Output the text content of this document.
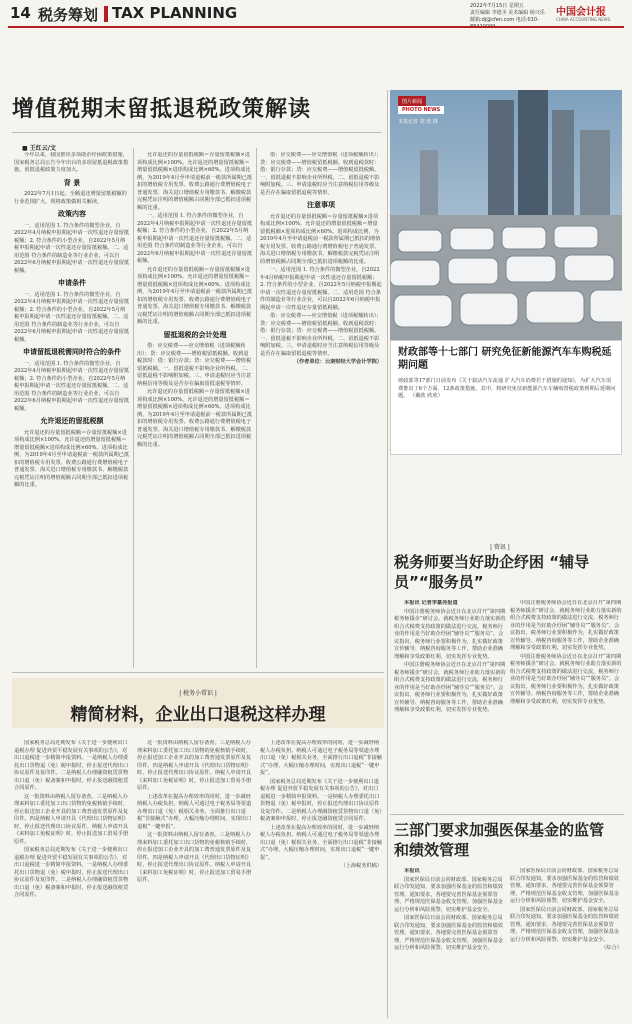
14 税务筹划 TAX PLANNING	2022年7月15日 星期五
责任编辑 李德圣 美术编辑 杨兴乐
邮箱:dj@cfen.com 电话:010-
中国会计报
CHINA ACCOUNTING NEWS
增值税期末留抵退税政策解读
■ 王红云/文

今年以来，我国推出多项助企纾困政策措施，国家税务总局公告今年出台的多项留抵退税政策措施，留抵退税政策力度加大。

背 景

2022年7月1日起，全额退还增量留抵税额的行业范围扩大，现将政策做相关解读。

政策内容

一、适用范围 1. 符合条件的微型企业，自2022年4月纳税申报期起申请一次性退还存量留抵税额；2. 符合条件的小型企业，自2022年5月纳税申报期起申请一次性退还存量留抵税额。二、适用范围 符合条件的制造业等行业企业，可以自2022年6月纳税申报期起申请一次性退还存量留抵税额。

申请条件

一、适用范围 1. 符合条件的微型企业，自2022年4月纳税申报期起申请一次性退还存量留抵税额；2. 符合条件的小型企业，自2022年5月纳税申报期起申请一次性退还存量留抵税额。二、适用范围 符合条件的制造业等行业企业，可以自2022年6月纳税申报期起申请一次性退还存量留抵税额。

申请留抵退税需同时符合的条件

一、适用范围 1. 符合条件的微型企业，自2022年4月纳税申报期起申请一次性退还存量留抵税额；2. 符合条件的小型企业，自2022年5月纳税申报期起申请一次性退还存量留抵税额。二、适用范围 符合条件的制造业等行业企业，可以自2022年6月纳税申报期起申请一次性退还存量留抵税额。

允许退还的留抵税额

允许退还的存量留抵税额＝存量留抵税额×进项构成比例×100%。允许退还的增量留抵税额＝增量留抵税额×进项构成比例×60%。进项构成比例，为2019年4月至申请退税前一税款所属期已抵扣的增值税专用发票、收费公路通行费增值税电子普通发票、海关进口增值税专用缴款书、解缴税款完税凭证注明的增值税额占同期全部已抵扣进项税额的比重。

允许退还的存量留抵税额＝存量留抵税额×进项构成比例×100%。允许退还的增量留抵税额＝增量留抵税额×进项构成比例×60%。进项构成比例，为2019年4月至申请退税前一税款所属期已抵扣的增值税专用发票、收费公路通行费增值税电子普通发票、海关进口增值税专用缴款书、解缴税款完税凭证注明的增值税额占同期全部已抵扣进项税额的比重。

一、适用范围 1. 符合条件的微型企业，自2022年4月纳税申报期起申请一次性退还存量留抵税额；2. 符合条件的小型企业，自2022年5月纳税申报期起申请一次性退还存量留抵税额。二、适用范围 符合条件的制造业等行业企业，可以自2022年6月纳税申报期起申请一次性退还存量留抵税额。

允许退还的存量留抵税额＝存量留抵税额×进项构成比例×100%。允许退还的增量留抵税额＝增量留抵税额×进项构成比例×60%。进项构成比例，为2019年4月至申请退税前一税款所属期已抵扣的增值税专用发票、收费公路通行费增值税电子普通发票、海关进口增值税专用缴款书、解缴税款完税凭证注明的增值税额占同期全部已抵扣进项税额的比重。

留抵退税的会计处理

借：应交税费——应交增值税（进项税额转出）；贷：应交税费——增值税留抵税额。收到退税款时：借：银行存款；贷：应交税费——增值税留抵税额。一、留抵退税不影响企业所得税。二、留抵退税不影响附加税。三、申请退税时应当注意纳税信用等级及是否存在骗取留抵退税等情形。

允许退还的存量留抵税额＝存量留抵税额×进项构成比例×100%。允许退还的增量留抵税额＝增量留抵税额×进项构成比例×60%。进项构成比例，为2019年4月至申请退税前一税款所属期已抵扣的增值税专用发票、收费公路通行费增值税电子普通发票、海关进口增值税专用缴款书、解缴税款完税凭证注明的增值税额占同期全部已抵扣进项税额的比重。

借：应交税费——应交增值税（进项税额转出）；贷：应交税费——增值税留抵税额。收到退税款时：借：银行存款；贷：应交税费——增值税留抵税额。一、留抵退税不影响企业所得税。二、留抵退税不影响附加税。三、申请退税时应当注意纳税信用等级及是否存在骗取留抵退税等情形。

注意事项

允许退还的存量留抵税额＝存量留抵税额×进项构成比例×100%。允许退还的增量留抵税额＝增量留抵税额×进项构成比例×60%。进项构成比例，为2019年4月至申请退税前一税款所属期已抵扣的增值税专用发票、收费公路通行费增值税电子普通发票、海关进口增值税专用缴款书、解缴税款完税凭证注明的增值税额占同期全部已抵扣进项税额的比重。

一、适用范围 1. 符合条件的微型企业，自2022年4月纳税申报期起申请一次性退还存量留抵税额；2. 符合条件的小型企业，自2022年5月纳税申报期起申请一次性退还存量留抵税额。二、适用范围 符合条件的制造业等行业企业，可以自2022年6月纳税申报期起申请一次性退还存量留抵税额。

借：应交税费——应交增值税（进项税额转出）；贷：应交税费——增值税留抵税额。收到退税款时：借：银行存款；贷：应交税费——增值税留抵税额。一、留抵退税不影响企业所得税。二、留抵退税不影响附加税。三、申请退税时应当注意纳税信用等级及是否存在骗取留抵退税等情形。

（作者单位：云南财经大学会计学院）

图片新闻
PHOTO NEWS
本报记者 刘 澄 摄
财政部等十七部门 研究免征新能源汽车车购税延期问题
财政部等17部门日前发布《关于搞活汽车流通 扩大汽车消费若干措施的通知》，为扩大汽车消费推出了6个方面、12条政策措施。其中，将研究免征新能源汽车车辆购置税政策到期后延期问题。 （戴欣 欣欣）
| 资讯 |
税务师要当好助企纾困 “辅导员”“服务员”

本报讯 记者李嘉亮报道

中国注册税务师协会近日在北京召开“第四期税务师援企”研讨会，就税务师行业助力落实新的组合式税费支持政策的做法进行交流，税务师行业的作用是当好助企纾困“辅导员”“服务员”。会议指出，税务师行业要积极作为，扎实做好政策宣传辅导、纳税咨询服务等工作，帮助企业准确理解和享受政策红利，切实发挥专业优势。

中国注册税务师协会近日在北京召开“第四期税务师援企”研讨会，就税务师行业助力落实新的组合式税费支持政策的做法进行交流，税务师行业的作用是当好助企纾困“辅导员”“服务员”。会议指出，税务师行业要积极作为，扎实做好政策宣传辅导、纳税咨询服务等工作，帮助企业准确理解和享受政策红利，切实发挥专业优势。

中国注册税务师协会近日在北京召开“第四期税务师援企”研讨会，就税务师行业助力落实新的组合式税费支持政策的做法进行交流，税务师行业的作用是当好助企纾困“辅导员”“服务员”。会议指出，税务师行业要积极作为，扎实做好政策宣传辅导、纳税咨询服务等工作，帮助企业准确理解和享受政策红利，切实发挥专业优势。

中国注册税务师协会近日在北京召开“第四期税务师援企”研讨会，就税务师行业助力落实新的组合式税费支持政策的做法进行交流，税务师行业的作用是当好助企纾困“辅导员”“服务员”。会议指出，税务师行业要积极作为，扎实做好政策宣传辅导、纳税咨询服务等工作，帮助企业准确理解和享受政策红利，切实发挥专业优势。

三部门要求加强医保基金的监管 和绩效管理

本报讯

国家医保局日前会同财政部、国家税务总局联合印发通知，要求加强医保基金的监管和绩效管理。通知要求，各地要完善医保基金预算管理，严格规范医保基金收支管理，加强医保基金运行分析和风险预警，切实维护基金安全。

国家医保局日前会同财政部、国家税务总局联合印发通知，要求加强医保基金的监管和绩效管理。通知要求，各地要完善医保基金预算管理，严格规范医保基金收支管理，加强医保基金运行分析和风险预警，切实维护基金安全。

国家医保局日前会同财政部、国家税务总局联合印发通知，要求加强医保基金的监管和绩效管理。通知要求，各地要完善医保基金预算管理，严格规范医保基金收支管理，加强医保基金运行分析和风险预警，切实维护基金安全。

国家医保局日前会同财政部、国家税务总局联合印发通知，要求加强医保基金的监管和绩效管理。通知要求，各地要完善医保基金预算管理，严格规范医保基金收支管理，加强医保基金运行分析和风险预警，切实维护基金安全。

（综合）

| 税务小常识 |
精简材料，企业出口退税这样办理

国家税务总局近期发布《关于进一步便利出口退税办理 促进外贸平稳发展有关事项的公告》，对出口退税进一步精简申报资料。一是纳税人办理委托出口货物退（免）税申报时，停止报送代理出口协议原件及复印件。二是纳税人办理融资租赁货物出口退（免）税备案和申报时，停止报送融资租赁合同原件。

这一批资料由纳税人留存备查。三是纳税人办理来料加工委托加工出口货物的免税核销手续时，停止报送加工企业开具的加工费普通发票原件及复印件。四是纳税人申请开具《代理出口货物证明》时，停止报送代理出口协议原件。纳税人申请开具《来料加工免税证明》时，停止报送加工贸易手册原件。

国家税务总局近期发布《关于进一步便利出口退税办理 促进外贸平稳发展有关事项的公告》，对出口退税进一步精简申报资料。一是纳税人办理委托出口货物退（免）税申报时，停止报送代理出口协议原件及复印件。二是纳税人办理融资租赁货物出口退（免）税备案和申报时，停止报送融资租赁合同原件。

这一批资料由纳税人留存备查。三是纳税人办理来料加工委托加工出口货物的免税核销手续时，停止报送加工企业开具的加工费普通发票原件及复印件。四是纳税人申请开具《代理出口货物证明》时，停止报送代理出口协议原件。纳税人申请开具《来料加工免税证明》时，停止报送加工贸易手册原件。

上述改革在提高办理效率的同时，进一步减轻纳税人办税负担。纳税人可通过电子税务局等渠道办理出口退（免）税相关业务，全面推行出口退税“非接触式”办理，大幅压缩办理时间，实现出口退税“一键申报”。

这一批资料由纳税人留存备查。三是纳税人办理来料加工委托加工出口货物的免税核销手续时，停止报送加工企业开具的加工费普通发票原件及复印件。四是纳税人申请开具《代理出口货物证明》时，停止报送代理出口协议原件。纳税人申请开具《来料加工免税证明》时，停止报送加工贸易手册原件。

上述改革在提高办理效率的同时，进一步减轻纳税人办税负担。纳税人可通过电子税务局等渠道办理出口退（免）税相关业务，全面推行出口退税“非接触式”办理，大幅压缩办理时间，实现出口退税“一键申报”。

国家税务总局近期发布《关于进一步便利出口退税办理 促进外贸平稳发展有关事项的公告》，对出口退税进一步精简申报资料。一是纳税人办理委托出口货物退（免）税申报时，停止报送代理出口协议原件及复印件。二是纳税人办理融资租赁货物出口退（免）税备案和申报时，停止报送融资租赁合同原件。

上述改革在提高办理效率的同时，进一步减轻纳税人办税负担。纳税人可通过电子税务局等渠道办理出口退（免）税相关业务，全面推行出口退税“非接触式”办理，大幅压缩办理时间，实现出口退税“一键申报”。

（上海税务供稿）
